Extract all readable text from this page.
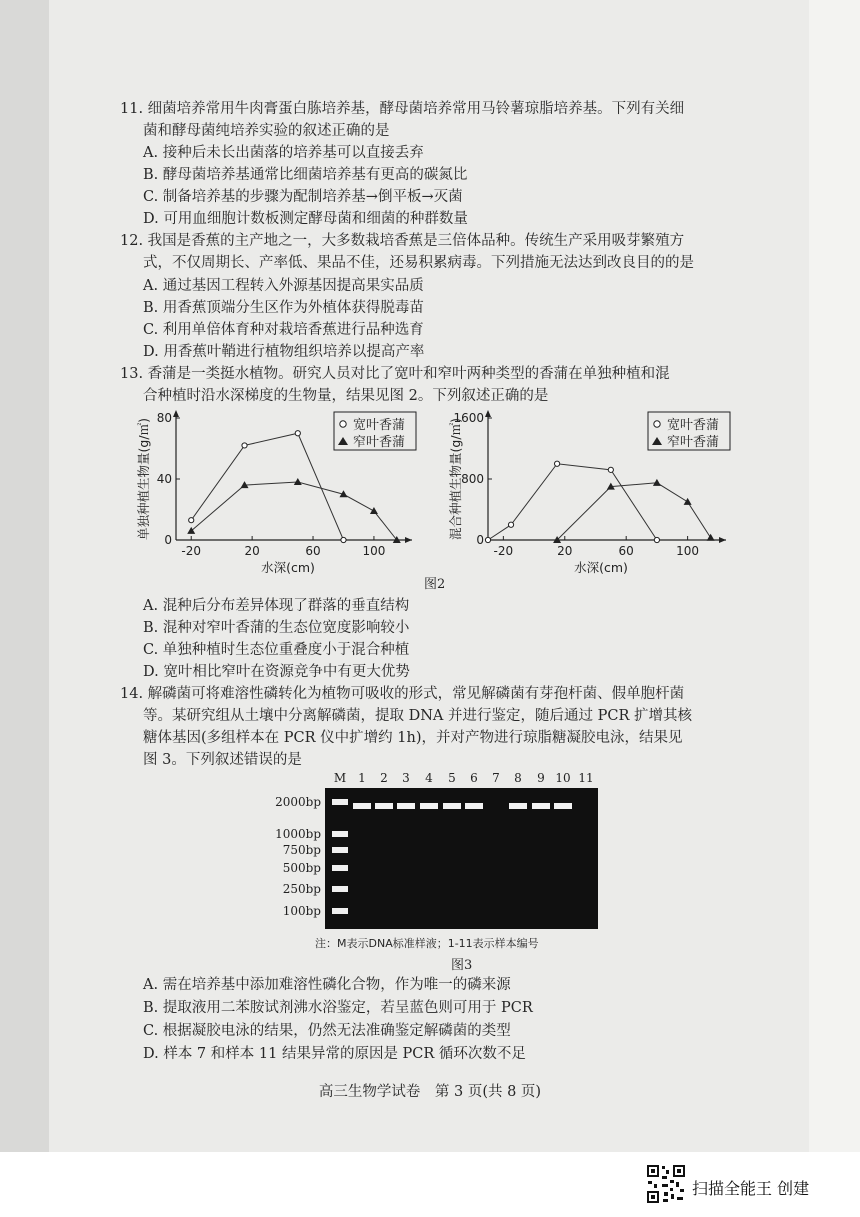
11. 细菌培养常用牛肉膏蛋白胨培养基，酵母菌培养常用马铃薯琼脂培养基。下列有关细
菌和酵母菌纯培养实验的叙述正确的是
A. 接种后未长出菌落的培养基可以直接丢弃
B. 酵母菌培养基通常比细菌培养基有更高的碳氮比
C. 制备培养基的步骤为配制培养基→倒平板→灭菌
D. 可用血细胞计数板测定酵母菌和细菌的种群数量
12. 我国是香蕉的主产地之一，大多数栽培香蕉是三倍体品种。传统生产采用吸芽繁殖方
式，不仅周期长、产率低、果品不佳，还易积累病毒。下列措施无法达到改良目的的是
A. 通过基因工程转入外源基因提高果实品质
B. 用香蕉顶端分生区作为外植体获得脱毒苗
C. 利用单倍体育种对栽培香蕉进行品种选育
D. 用香蕉叶鞘进行植物组织培养以提高产率
13. 香蒲是一类挺水植物。研究人员对比了宽叶和窄叶两种类型的香蒲在单独种植和混
合种植时沿水深梯度的生物量，结果见图 2。下列叙述正确的是
-20	20	60	100
0
40
80
水深(cm)
单独种植生物量(g/㎡)	宽叶香蒲
窄叶香蒲
-20	20	60	100
0
800
1600
水深(cm)
混合种植生物量(g/㎡)	宽叶香蒲
窄叶香蒲
M 1 2 3 4 5 6 7 8 9 10 11
2000bp
1000bp
750bp
500bp
250bp
100bp
图2
A. 混种后分布差异体现了群落的垂直结构
B. 混种对窄叶香蒲的生态位宽度影响较小
C. 单独种植时生态位重叠度小于混合种植
D. 宽叶相比窄叶在资源竞争中有更大优势
14. 解磷菌可将难溶性磷转化为植物可吸收的形式，常见解磷菌有芽孢杆菌、假单胞杆菌
等。某研究组从土壤中分离解磷菌，提取 DNA 并进行鉴定，随后通过 PCR 扩增其核
糖体基因(多组样本在 PCR 仪中扩增约 1h)，并对产物进行琼脂糖凝胶电泳，结果见
图 3。下列叙述错误的是
注：M表示DNA标准样液；1-11表示样本编号
图3
A. 需在培养基中添加难溶性磷化合物，作为唯一的磷来源
B. 提取液用二苯胺试剂沸水浴鉴定，若呈蓝色则可用于 PCR
C. 根据凝胶电泳的结果，仍然无法准确鉴定解磷菌的类型
D. 样本 7 和样本 11 结果异常的原因是 PCR 循环次数不足
高三生物学试卷　第 3 页(共 8 页)
扫描全能王 创建
